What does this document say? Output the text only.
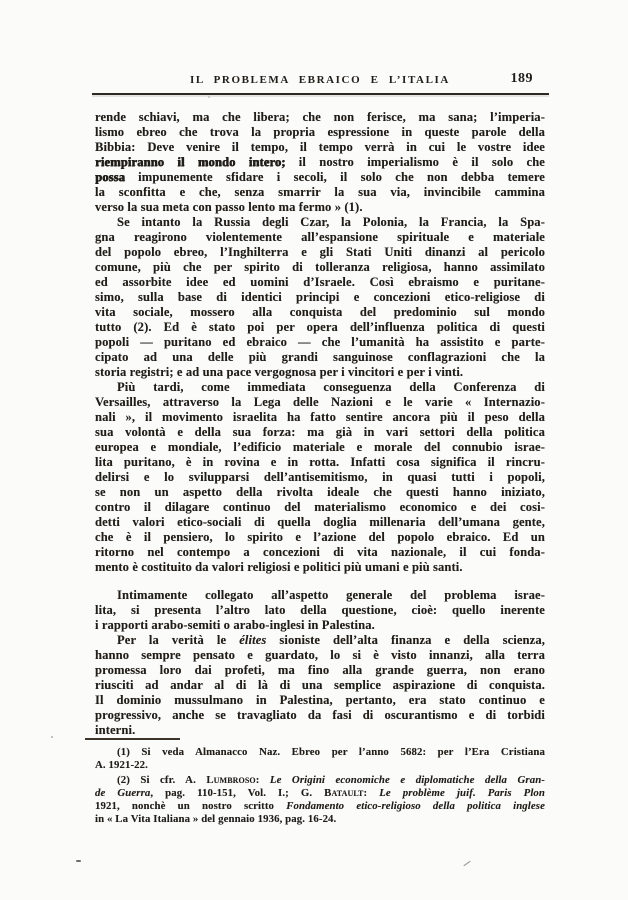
IL PROBLEMA EBRAICO E L’ITALIA	189
rende schiavi, ma che libera; che non ferisce, ma sana; l’imperia-
lismo ebreo che trova la propria espressione in queste parole della
Bibbia: Deve venire il tempo, il tempo verrà in cui le vostre idee
riempiranno il mondo intero; il nostro imperialismo è il solo che
possa impunemente sfidare i secoli, il solo che non debba temere
la sconfitta e che, senza smarrir la sua via, invincibile cammina
verso la sua meta con passo lento ma fermo » (1).
Se intanto la Russia degli Czar, la Polonia, la Francia, la Spa-
gna reagirono violentemente all’espansione spirituale e materiale
del popolo ebreo, l’Inghilterra e gli Stati Uniti dinanzi al pericolo
comune, più che per spirito di tolleranza religiosa, hanno assimilato
ed assorbite idee ed uomini d’Israele. Così ebraismo e puritane-
simo, sulla base di identici principi e concezioni etico-religiose di
vita sociale, mossero alla conquista del predominio sul mondo
tutto (2). Ed è stato poi per opera dell’influenza politica di questi
popoli — puritano ed ebraico — che l’umanità ha assistito e parte-
cipato ad una delle più grandi sanguinose conflagrazioni che la
storia registri; e ad una pace vergognosa per i vincitori e per i vinti.
Più tardi, come immediata conseguenza della Conferenza di
Versailles, attraverso la Lega delle Nazioni e le varie « Internazio-
nali », il movimento israelita ha fatto sentire ancora più il peso della
sua volontà e della sua forza: ma già in vari settori della politica
europea e mondiale, l’edificio materiale e morale del connubio israe-
lita puritano, è in rovina e in rotta. Infatti cosa significa il rincru-
delirsi e lo svilupparsi dell’antisemitismo, in quasi tutti i popoli,
se non un aspetto della rivolta ideale che questi hanno iniziato,
contro il dilagare continuo del materialismo economico e dei cosi-
detti valori etico-sociali di quella doglia millenaria dell’umana gente,
che è il pensiero, lo spirito e l’azione del popolo ebraico. Ed un
ritorno nel contempo a concezioni di vita nazionale, il cui fonda-
mento è costituito da valori religiosi e politici più umani e più santi.
Intimamente collegato all’aspetto generale del problema israe-
lita, si presenta l’altro lato della questione, cioè: quello inerente
i rapporti arabo-semiti o arabo-inglesi in Palestina.
Per la verità le élites sioniste dell’alta finanza e della scienza,
hanno sempre pensato e guardato, lo si è visto innanzi, alla terra
promessa loro dai profeti, ma fino alla grande guerra, non erano
riusciti ad andar al di là di una semplice aspirazione di conquista.
Il dominio mussulmano in Palestina, pertanto, era stato continuo e
progressivo, anche se travagliato da fasi di oscurantismo e di torbidi
interni.
(1) Si veda Almanacco Naz. Ebreo per l’anno 5682: per l’Era Cristiana
A. 1921-22.
(2) Si cfr. A. Lumbroso: Le Origini economiche e diplomatiche della Gran-
de Guerra, pag. 110-151, Vol. I.; G. Batault: Le problème juif. Paris Plon
1921, nonchè un nostro scritto Fondamento etico-religioso della politica inglese
in « La Vita Italiana » del gennaio 1936, pag. 16-24.
